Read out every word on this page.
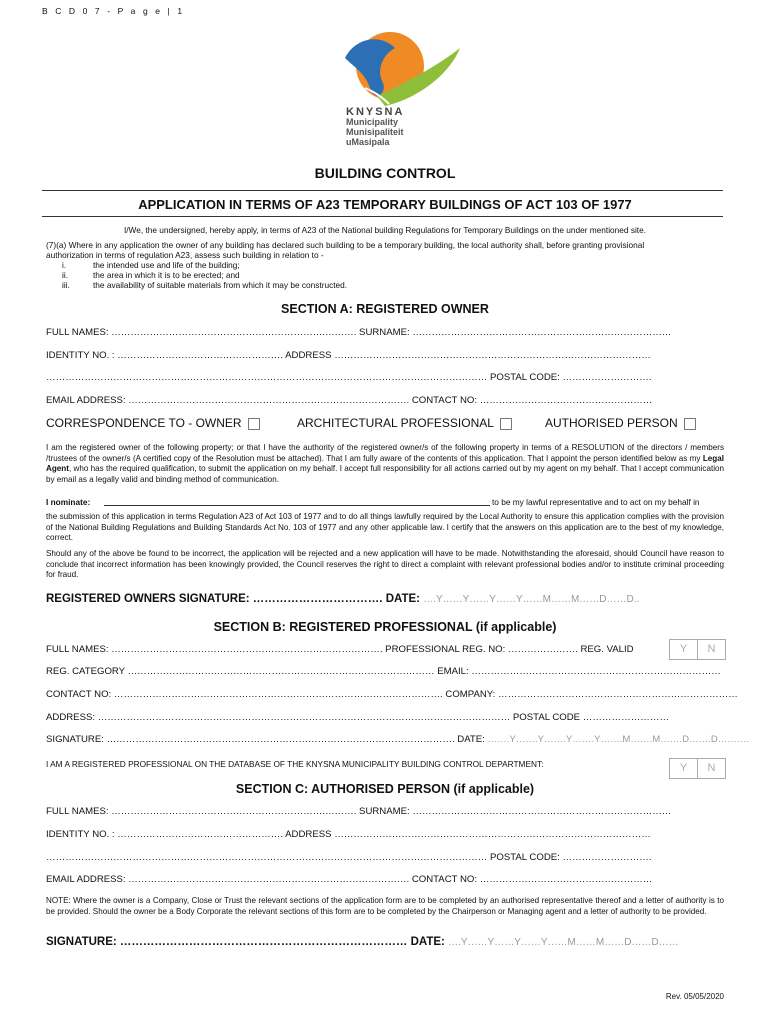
B C D 0 7 - P a g e | 1
KNYSNA
Municipality
Munisipaliteit
uMasipala
BUILDING CONTROL
APPLICATION IN TERMS OF A23 TEMPORARY BUILDINGS OF ACT 103 OF 1977
I/We, the undersigned, hereby apply, in terms of A23 of the National building Regulations for Temporary Buildings on the under mentioned site.
(7)(a) Where in any application the owner of any building has declared such building to be a temporary building, the local authority shall, before granting provisional
authorization in terms of regulation A23, assess such building in relation to -
i.	the intended use and life of the building;
ii.	the area in which it is to be erected; and
iii.	the availability of suitable materials from which it may be constructed.
SECTION A: REGISTERED OWNER
FULL NAMES: ………………………………………………………….………. SURNAME: ………………………………………………………………………
IDENTITY NO. : ……………………………………………. ADDRESS ………………………………………………………………………………………
………………………………………………………………………………………………………………………… POSTAL CODE: ……………………….
EMAIL ADDRESS: ……………………………………………………………………………. CONTACT NO: ………………………………………………
CORRESPONDENCE TO - OWNER	ARCHITECTURAL PROFESSIONAL	AUTHORISED PERSON
I am the registered owner of the following property; or that I have the authority of the registered owner/s of the following property in terms of a RESOLUTION of the directors / members /trustees of the owner/s (A certified copy of the Resolution must be attached). That I am fully aware of the contents of this application. That I appoint the person identified below as my Legal Agent, who has the required qualification, to submit the application on my behalf. I accept full responsibility for all actions carried out by my agent on my behalf. That I accept communication by email as a legally valid and binding method of communication.
I nominate:	to be my lawful representative and to act on my behalf in
the submission of this application in terms Regulation A23 of Act 103 of 1977 and to do all things lawfully required by the Local Authority to ensure this application complies with the provision of the National Building Regulations and Building Standards Act No. 103 of 1977 and any other applicable law. I certify that the answers on this application are to the best of my knowledge, correct.
Should any of the above be found to be incorrect, the application will be rejected and a new application will have to be made. Notwithstanding the aforesaid, should Council have reason to conclude that incorrect information has been knowingly provided, the Council reserves the right to direct a complaint with relevant professional bodies and/or to institute criminal proceeding for fraud.
REGISTERED OWNERS SIGNATURE: ……………………………. DATE: ….Y……Y……Y……Y……M……M……D……D..
SECTION B: REGISTERED PROFESSIONAL (if applicable)
FULL NAMES: …………………………………………………………………………. PROFESSIONAL REG. NO: …………………. REG. VALID	Y	N
REG. CATEGORY …………………………………………………………………………………… EMAIL: ……………………………………………………………………
CONTACT NO: …………………………………………………………………………………………. COMPANY: …………………………………………………………………
ADDRESS: ………………………………………………………………………………………………………………… POSTAL CODE ………………………
SIGNATURE: ………………………………………………………………………………………………. DATE: …….Y…….Y…….Y…….Y…….M…….M…….D…….D……….
I AM A REGISTERED PROFESSIONAL ON THE DATABASE OF THE KNYSNA MUNICIPALITY BUILDING CONTROL DEPARTMENT:	Y	N
SECTION C: AUTHORISED PERSON (if applicable)
FULL NAMES: ………………………………………………………….………. SURNAME: ………………………………………………………………………
IDENTITY NO. : ……………………………………………. ADDRESS ………………………………………………………………………………………
………………………………………………………………………………………………………………………… POSTAL CODE: ……………………….
EMAIL ADDRESS: ……………………………………………………………………………. CONTACT NO: ………………………………………………
NOTE: Where the owner is a Company, Close or Trust the relevant sections of the application form are to be completed by an authorised representative thereof and a letter of authority is to be provided. Should the owner be a Body Corporate the relevant sections of this form are to be completed by the Chairperson or Managing agent and a letter of authority to be provided.
SIGNATURE: ………………………………………………………………… DATE: ….Y……Y……Y……Y……M……M……D……D……
Rev. 05/05/2020
